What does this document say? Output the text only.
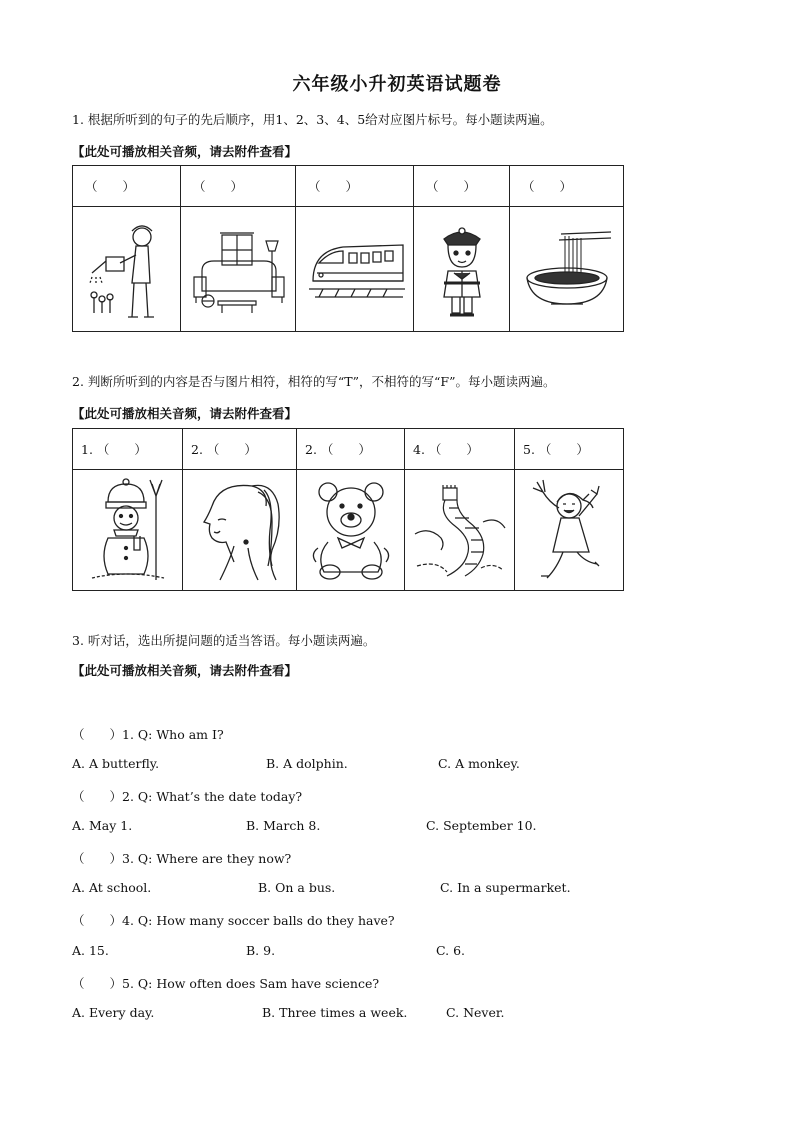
六年级小升初英语试题卷
1. 根据所听到的句子的先后顺序，用1、2、3、4、5给对应图片标号。每小题读两遍。
【此处可播放相关音频，请去附件查看】
（　　）	（　　）	（　　）	（　　）	（　　）

2. 判断所听到的内容是否与图片相符，相符的写“T”，不相符的写“F”。每小题读两遍。
【此处可播放相关音频，请去附件查看】
1. （　　）	2. （　　）	2. （　　）	4. （　　）	5. （　　）

3. 听对话，选出所提问题的适当答语。每小题读两遍。
【此处可播放相关音频，请去附件查看】
（　　）1. Q: Who am I?
A. A butterfly.	B. A dolphin.	C. A monkey.
（　　）2. Q: What’s the date today?
A. May 1.	B. March 8.	C. September 10.
（　　）3. Q: Where are they now?
A. At school.	B. On a bus.	C. In a supermarket.
（　　）4. Q: How many soccer balls do they have?
A. 15.	B. 9.	C. 6.
（　　）5. Q: How often does Sam have science?
A. Every day.	B. Three times a week.	C. Never.
